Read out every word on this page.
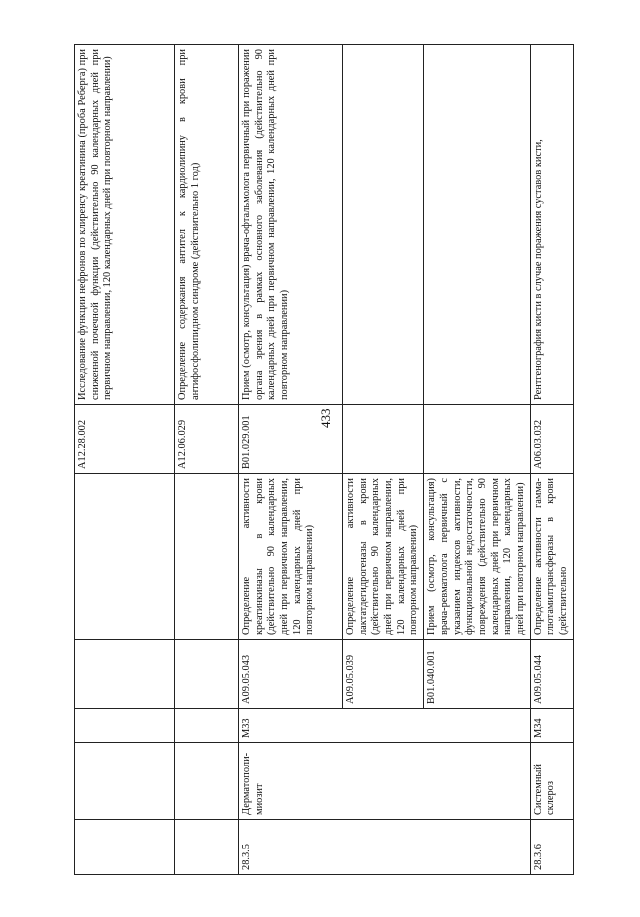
433
					A12.28.002	Исследование функции нефронов по клиренсу креатинина (проба Реберга) при сниженной почечной функции (действительно 90 календарных дней при первичном направлении, 120 календарных дней при повторном направлении)
					A12.06.029	Определение содержания антител к кардиолипину в крови при антифосфолипидном синдроме (действительно 1 год)
28.3.5	Дерматополи-миозит	M33	A09.05.043	Определение активности креатинкиназы в крови (действительно 90 календарных дней при первичном направлении, 120 календарных дней при повторном направлении)	B01.029.001	Прием (осмотр, консультация) врача-офтальмолога первичный при поражении органа зрения в рамках основного заболевания (действительно 90 календарных дней при первичном направлении, 120 календарных дней при повторном направлении)
			A09.05.039	Определение активности лактатдегидрогеназы в крови (действительно 90 календарных дней при первичном направлении, 120 календарных дней при повторном направлении)		
			B01.040.001	Прием (осмотр, консультация) врача-ревматолога первичный с указанием индексов активности, функциональной недостаточности, повреждения (действительно 90 календарных дней при первичном направлении, 120 календарных дней при повторном направлении)		
28.3.6	Системный склероз	M34	A09.05.044	Определение активности гамма-глютамилтрансферазы в крови (действительно	A06.03.032	Рентгенография кисти в случае поражения суставов кисти,
